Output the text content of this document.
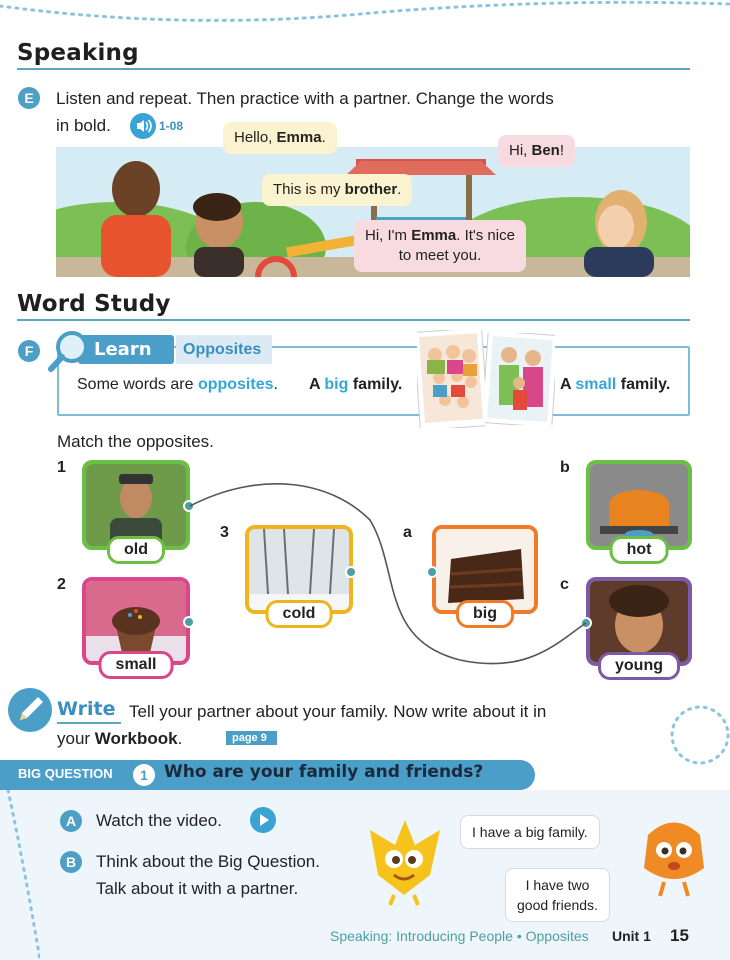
Speaking
E	Listen and repeat. Then practice with a partner. Change the words
in bold.	1-08
Hello, Emma.
This is my brother.
Hi, Ben!
Hi, I'm Emma. It's nice
to meet you.
Word Study
F	Learn	Opposites
Some words are opposites. A big family.	A small family.
Match the opposites.
1
2
3	a
b
c
old
small
cold	big
hot
young
Write Tell your partner about your family. Now write about it in
your Workbook.	page 9
BIG QUESTION	1 Who are your family and friends?
A	Watch the video.
B	Think about the Big Question.
Talk about it with a partner.
I have a big family.
I have two
good friends.
Speaking: Introducing People • Opposites Unit 1 15
